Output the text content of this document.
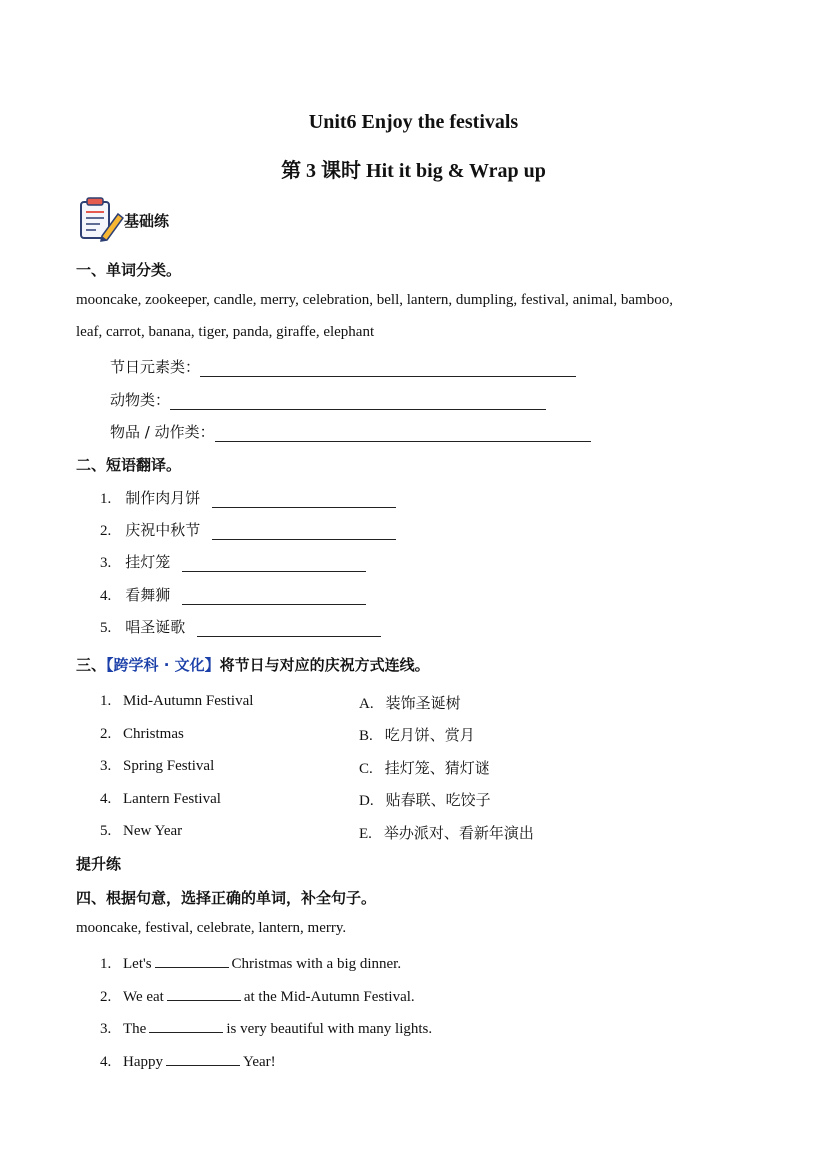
Unit6 Enjoy the festivals
第 3 课时 Hit it big & Wrap up
基础练
一、单词分类。
mooncake, zookeeper, candle, merry, celebration, bell, lantern, dumpling, festival, animal, bamboo,
leaf, carrot, banana, tiger, panda, giraffe, elephant
节日元素类：
动物类：
物品 / 动作类：
二、短语翻译。
1. 制作肉月饼
2. 庆祝中秋节
3. 挂灯笼
4. 看舞狮
5. 唱圣诞歌
三、【跨学科 · 文化】将节日与对应的庆祝方式连线。
1. Mid-Autumn Festival
2. Christmas
3. Spring Festival
4. Lantern Festival
5. New Year
A. 装饰圣诞树
B. 吃月饼、赏月
C. 挂灯笼、猜灯谜
D. 贴春联、吃饺子
E. 举办派对、看新年演出
提升练
四、根据句意，选择正确的单词，补全句子。
mooncake, festival, celebrate, lantern, merry.
1. Let's	Christmas with a big dinner.
2. We eat	at the Mid-Autumn Festival.
3. The	is very beautiful with many lights.
4. Happy	Year!
